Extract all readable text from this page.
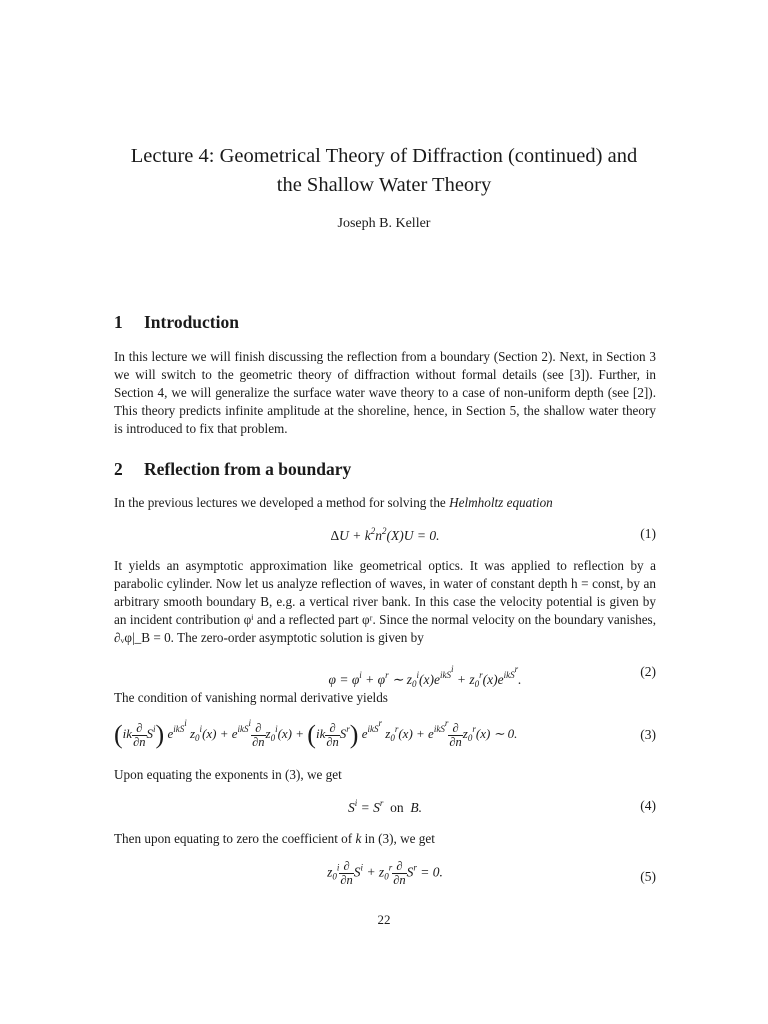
Lecture 4: Geometrical Theory of Diffraction (continued) and
the Shallow Water Theory
Joseph B. Keller
1 Introduction
In this lecture we will finish discussing the reflection from a boundary (Section 2). Next, in Section 3 we will switch to the geometric theory of diffraction without formal details (see [3]). Further, in Section 4, we will generalize the surface water wave theory to a case of non-uniform depth (see [2]). This theory predicts infinite amplitude at the shoreline, hence, in Section 5, the shallow water theory is introduced to fix that problem.
2 Reflection from a boundary
In the previous lectures we developed a method for solving the Helmholtz equation
$\Delta U + k^2n^2(X)U = 0$.	(1)
It yields an asymptotic approximation like geometrical optics. It was applied to reflection by a parabolic cylinder. Now let us analyze reflection of waves, in water of constant depth h = const, by an arbitrary smooth boundary B, e.g. a vertical river bank. In this case the velocity potential is given by an incident contribution φⁱ and a reflected part φʳ. Since the normal velocity on the boundary vanishes, ∂ᵥφ|_B = 0. The zero-order asymptotic solution is given by
$\varphi = \varphi^i + \varphi^r$ ∼ $z_0^i(x)e^{ikS^i} + z_0^r(x)e^{ikS^r}$.
(2)
The condition of vanishing normal derivative yields
$(ik \frac{\partial}{\partial n} S^i)$ $e^{ikS^i}$ $z_0^i(x) + e^{ikS^i} \frac{\partial}{\partial n} z_0^i(x) + (ik \frac{\partial}{\partial n} S^r)$ $e^{ikS^r}$ $z_0^r(x) + e^{ikS^r} \frac{\partial}{\partial n} z_0^r(x)$ ∼ 0.	(3)
Upon equating the exponents in (3), we get
$S^i = S^r$  on  B.	(4)
Then upon equating to zero the coefficient of k in (3), we get
$z_0^i \frac{\partial}{\partial n} S^i + z_0^r \frac{\partial}{\partial n} S^r = 0$.	(5)
22
